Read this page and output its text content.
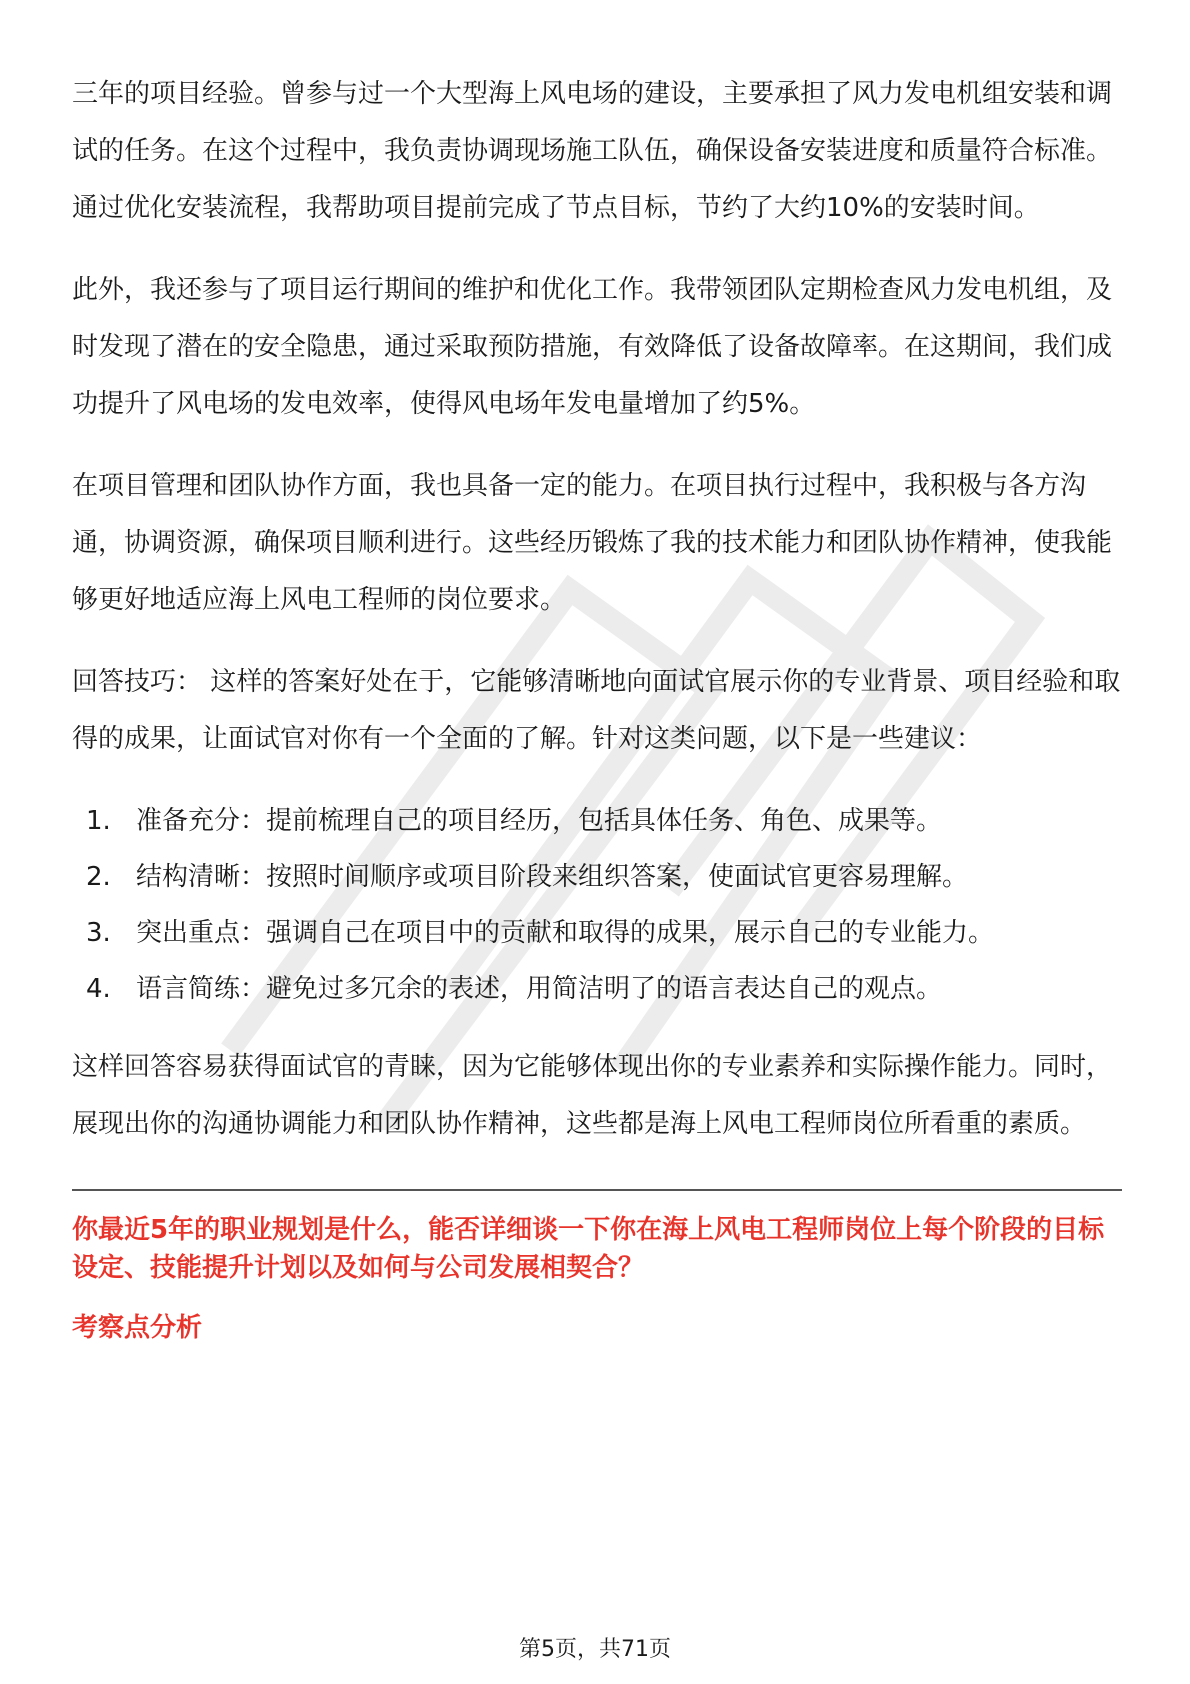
三年的项目经验。曾参与过一个大型海上风电场的建设，主要承担了风力发电机组安装和调试的任务。在这个过程中，我负责协调现场施工队伍，确保设备安装进度和质量符合标准。通过优化安装流程，我帮助项目提前完成了节点目标，节约了大约10%的安装时间。

此外，我还参与了项目运行期间的维护和优化工作。我带领团队定期检查风力发电机组，及时发现了潜在的安全隐患，通过采取预防措施，有效降低了设备故障率。在这期间，我们成功提升了风电场的发电效率，使得风电场年发电量增加了约5%。

在项目管理和团队协作方面，我也具备一定的能力。在项目执行过程中，我积极与各方沟通，协调资源，确保项目顺利进行。这些经历锻炼了我的技术能力和团队协作精神，使我能够更好地适应海上风电工程师的岗位要求。

回答技巧： 这样的答案好处在于，它能够清晰地向面试官展示你的专业背景、项目经验和取得的成果，让面试官对你有一个全面的了解。针对这类问题，以下是一些建议：

1. 准备充分：提前梳理自己的项目经历，包括具体任务、角色、成果等。
2. 结构清晰：按照时间顺序或项目阶段来组织答案，使面试官更容易理解。
3. 突出重点：强调自己在项目中的贡献和取得的成果，展示自己的专业能力。
4. 语言简练：避免过多冗余的表述，用简洁明了的语言表达自己的观点。

这样回答容易获得面试官的青睐，因为它能够体现出你的专业素养和实际操作能力。同时，展现出你的沟通协调能力和团队协作精神，这些都是海上风电工程师岗位所看重的素质。

你最近5年的职业规划是什么，能否详细谈一下你在海上风电工程师岗位上每个阶段的目标设定、技能提升计划以及如何与公司发展相契合？

考察点分析

第5页，共71页
